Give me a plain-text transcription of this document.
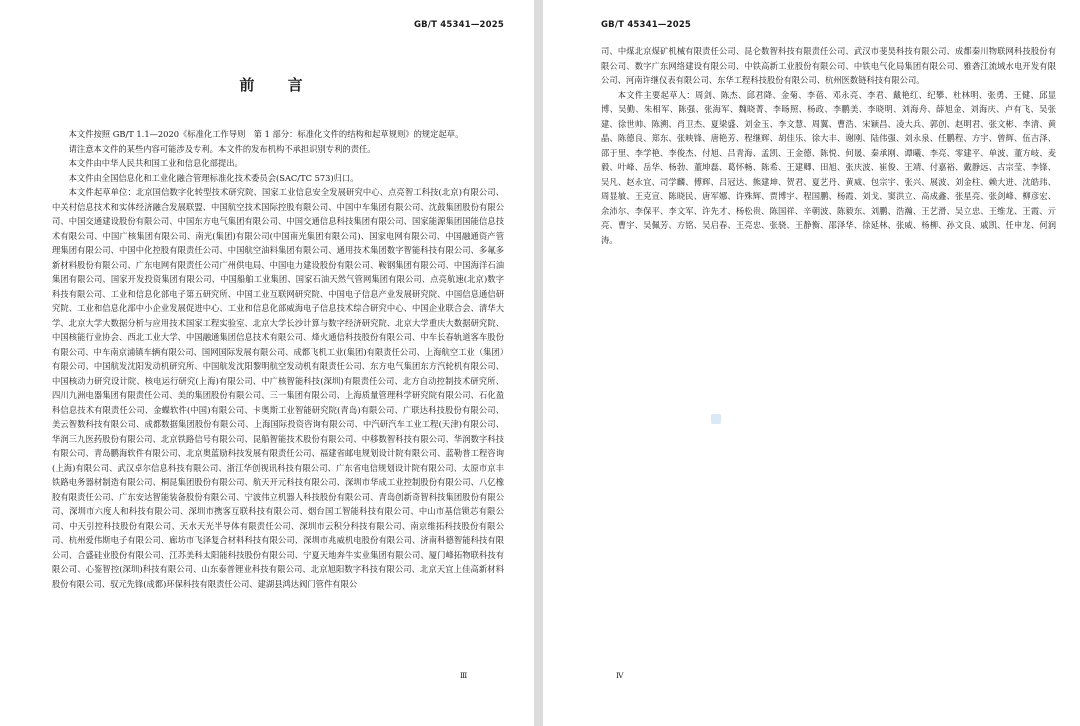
GB/T 45341—2025
前 言

本文件按照 GB/T 1.1—2020《标准化工作导则　第 1 部分：标准化文件的结构和起草规则》的规定起草。

请注意本文件的某些内容可能涉及专利。本文件的发布机构不承担识别专利的责任。

本文件由中华人民共和国工业和信息化部提出。

本文件由全国信息化和工业化融合管理标准化技术委员会(SAC/TC 573)归口。

本文件起草单位：北京国信数字化转型技术研究院、国家工业信息安全发展研究中心、点亮智工科技(北京)有限公司、中关村信息技术和实体经济融合发展联盟、中国航空技术国际控股有限公司、中国中车集团有限公司、沈鼓集团股份有限公司、中国交通建设股份有限公司、中国东方电气集团有限公司、中国交通信息科技集团有限公司、国家能源集团国能信息技术有限公司、中国广核集团有限公司、南光(集团)有限公司(中国南光集团有限公司)、国家电网有限公司、中国融通资产管理集团有限公司、中国中化控股有限责任公司、中国航空油料集团有限公司、通用技术集团数字智能科技有限公司、多氟多新材料股份有限公司、广东电网有限责任公司广州供电局、中国电力建设股份有限公司、鞍钢集团有限公司、中国海洋石油集团有限公司、国家开发投资集团有限公司、中国船舶工业集团、国家石油天然气管网集团有限公司、点亮航速(北京)数字科技有限公司、工业和信息化部电子第五研究所、中国工业互联网研究院、中国电子信息产业发展研究院、中国信息通信研究院、工业和信息化部中小企业发展促进中心、工业和信息化部威海电子信息技术综合研究中心、中国企业联合会、清华大学、北京大学大数据分析与应用技术国家工程实验室、北京大学长沙计算与数字经济研究院、北京大学重庆大数据研究院、中国核能行业协会、西北工业大学、中国融通集团信息技术有限公司、烽火通信科技股份有限公司、中车长春轨道客车股份有限公司、中车南京浦镇车辆有限公司、国网国际发展有限公司、成都飞机工业(集团)有限责任公司、上海航空工业（集团）有限公司、中国航发沈阳发动机研究所、中国航发沈阳黎明航空发动机有限责任公司、东方电气集团东方汽轮机有限公司、中国核动力研究设计院、核电运行研究(上海)有限公司、中广核智能科技(深圳)有限责任公司、北方自动控制技术研究所、四川九洲电器集团有限责任公司、美的集团股份有限公司、三一集团有限公司、上海质量管理科学研究院有限公司、石化盈科信息技术有限责任公司、金蝶软件(中国)有限公司、卡奥斯工业智能研究院(青岛)有限公司、广联达科技股份有限公司、美云智数科技有限公司、成都数据集团股份有限公司、上海国际投资咨询有限公司、中汽研汽车工业工程(天津)有限公司、华润三九医药股份有限公司、北京铁路信号有限公司、昆船智能技术股份有限公司、中移数智科技有限公司、华润数字科技有限公司、青岛鹏海软件有限公司、北京奥蓝励科技发展有限责任公司、福建省邮电规划设计院有限公司、蓝勒普工程咨询(上海)有限公司、武汉卓尔信息科技有限公司、浙江华创视讯科技有限公司、广东省电信规划设计院有限公司、太原市京丰铁路电务器材制造有限公司、桐昆集团股份有限公司、航天开元科技有限公司、深圳市华成工业控制股份有限公司、八亿橡胶有限责任公司、广东安达智能装备股份有限公司、宁波伟立机器人科技股份有限公司、青岛创新奇智科技集团股份有限公司、深圳市六度人和科技有限公司、深圳市携客互联科技有限公司、烟台国工智能科技有限公司、中山市基信锁芯有限公司、中天引控科技股份有限公司、天水天光半导体有限责任公司、深圳市云积分科技有限公司、南京维拓科技股份有限公司、杭州爱伟斯电子有限公司、廊坊市飞泽复合材料科技有限公司、深圳市兆威机电股份有限公司、济南科德智能科技有限公司、合盛硅业股份有限公司、江苏美科太阳能科技股份有限公司、宁夏天地奔牛实业集团有限公司、厦门峰拓物联科技有限公司、心鉴智控(深圳)科技有限公司、山东泰普锂业科技有限公司、北京旭阳数字科技有限公司、北京天宜上佳高新材料股份有限公司、驭元先锋(成都)环保科技有限责任公司、建湖县鸿达阀门管件有限公

Ⅲ
GB/T 45341—2025

司、中煤北京煤矿机械有限责任公司、昆仑数智科技有限责任公司、武汉市斐昊科技有限公司、成都秦川物联网科技股份有限公司、数字广东网络建设有限公司、中铁高新工业股份有限公司、中铁电气化局集团有限公司、雅砻江流域水电开发有限公司、河南许继仪表有限公司、东华工程科技股份有限公司、杭州医数链科技有限公司。

本文件主要起草人：周剑、陈杰、邱君降、金菊、李蓓、邓永亮、李君、戴艳红、纪攀、杜林明、张勇、王健、邱显博、吴勤、朱相军、陈强、张海军、魏晓菁、李旸照、杨政、李鹏美、李晓明、刘海舟、薛旭金、刘海庆、卢有飞、吴张建、徐世帅、陈溯、肖卫杰、夏梁盛、刘金玉、李文慧、周翼、曹浩、宋颖昌、凌大兵、郭创、赵明君、张文彬、李清、黄晶、陈德良、郑东、张映锋、唐艳芳、程继辉、胡佳乐、徐大丰、谢刚、陆伟强、刘永泉、任鹏程、方宇、曾辉、伍吉泽、邵于里、李学艳、李俊杰、付旭、吕青海、孟凯、王金德、陈悦、何晟、秦承刚、谭曦、李亮、零建平、单波、董方岐、麦毅、叶峰、岳华、杨勃、董坤磊、葛怀畅、陈希、王建卿、田旭、张庆波、崔俊、王靖、付嘉裕、戴静远、古宗莹、李锋、吴凡、赵永宜、司学麟、傅辉、吕冠达、熊建坤、贺君、夏艺丹、黄威、包宗宇、张兴、展波、刘金柱、赖大进、沈皓玮、周显敏、王克宣、陈晓民、唐军娜、许殊辉、贾博宇、程国鹏、杨霞、刘戈、窦洪立、高成鑫、张星亮、张剑峰、柳彦宏、余沛尔、李保平、李文军、许先才、杨松贵、陈国祥、辛朝波、陈毅东、刘鹏、浩瀚、王艺滑、吴立忠、王维龙、王霞、亓亮、曹宇、吴佩芳、方铭、吴启春、王亮忠、张骁、王静衡、邵泽华、徐延林、张威、杨柳、孙文良、戚凯、任申龙、何润涛。

Ⅳ
